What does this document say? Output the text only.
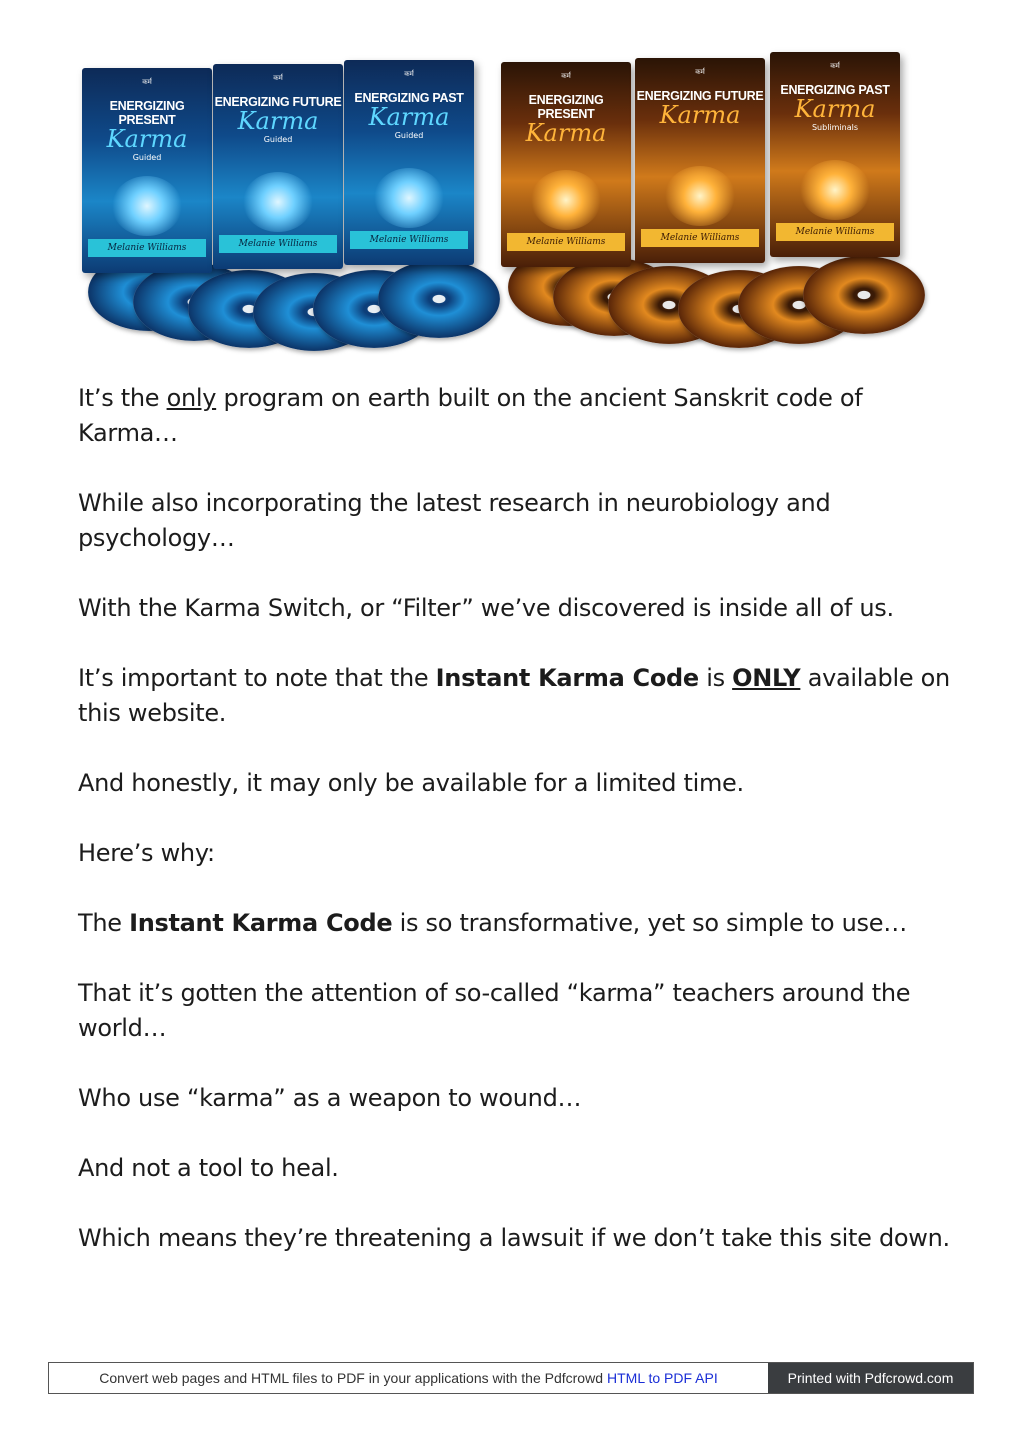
कर्म
ENERGIZING PRESENT
Karma
Guided
Melanie Williams
कर्म
ENERGIZING FUTURE
Karma
Guided
Melanie Williams
कर्म
ENERGIZING PAST
Karma
Guided
Melanie Williams
कर्म
ENERGIZING PRESENT
Karma
Melanie Williams
कर्म
ENERGIZING FUTURE
Karma
Melanie Williams
कर्म
ENERGIZING PAST
Karma
Subliminals
Melanie Williams

It’s the only program on earth built on the ancient Sanskrit code of Karma…

While also incorporating the latest research in neurobiology and psychology…

With the Karma Switch, or “Filter” we’ve discovered is inside all of us.

It’s important to note that the Instant Karma Code is ONLY available on this website.

And honestly, it may only be available for a limited time.

Here’s why:

The Instant Karma Code is so transformative, yet so simple to use…

That it’s gotten the attention of so-called “karma” teachers around the world…

Who use “karma” as a weapon to wound…

And not a tool to heal.

Which means they’re threatening a lawsuit if we don’t take this site down.

Convert web pages and HTML files to PDF in your applications with the Pdfcrowd HTML to PDF API	Printed with Pdfcrowd.com
